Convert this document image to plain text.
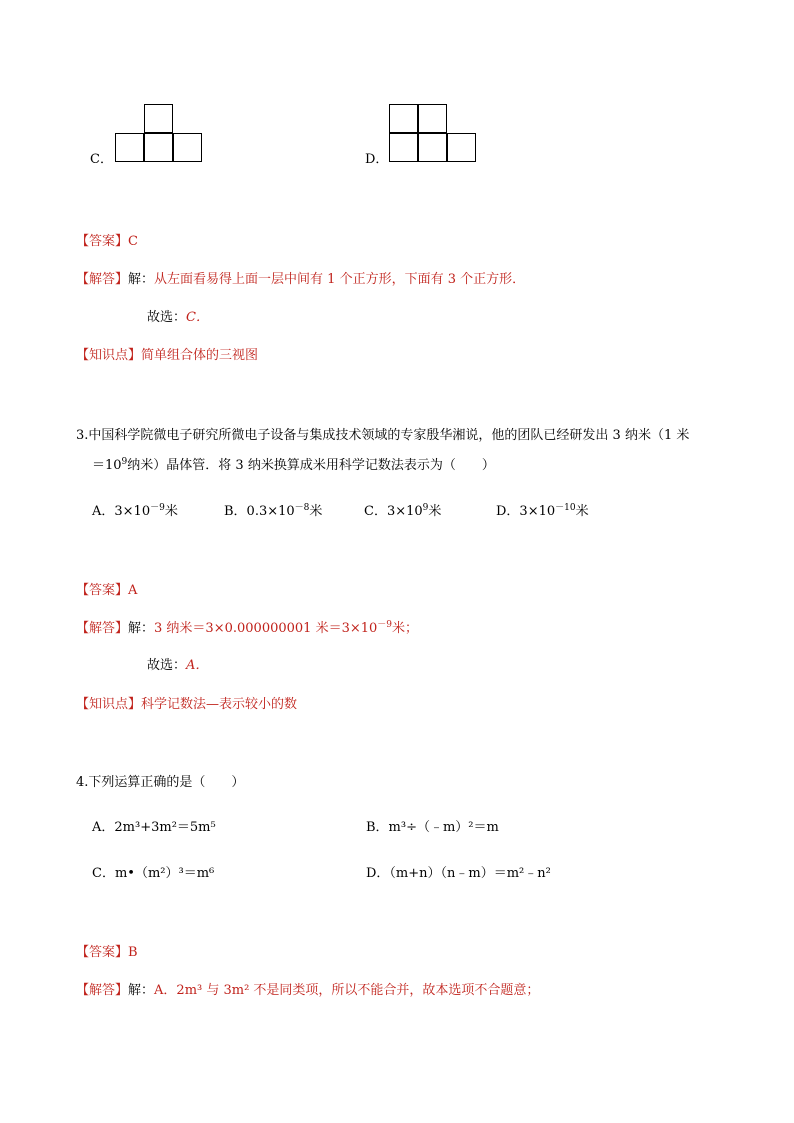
C．	D．
【答案】C
【解答】解：从左面看易得上面一层中间有 1 个正方形，下面有 3 个正方形．
故选：C．
【知识点】简单组合体的三视图
3.中国科学院微电子研究所微电子设备与集成技术领域的专家殷华湘说，他的团队已经研发出 3 纳米（1 米
$=10^9$纳米）晶体管．将 3 纳米换算成米用科学记数法表示为（　　）
A．$3\times 10^{-9}$米	B．$0.3\times 10^{-8}$米	C．$3\times 10^9$米	D．$3\times 10^{-10}$米
【答案】A
【解答】解：3 纳米＝3×0.000000001 米$=3\times 10^{-9}$米；
故选：A．
【知识点】科学记数法—表示较小的数
4.下列运算正确的是（　　）
A．2m³+3m²＝5m⁵	B．m³÷（﹣m）²＝m
C．m•（m²）³＝m⁶	D．（m+n）（n﹣m）＝m²﹣n²
【答案】B
【解答】解：A．2m³ 与 3m² 不是同类项，所以不能合并，故本选项不合题意；
